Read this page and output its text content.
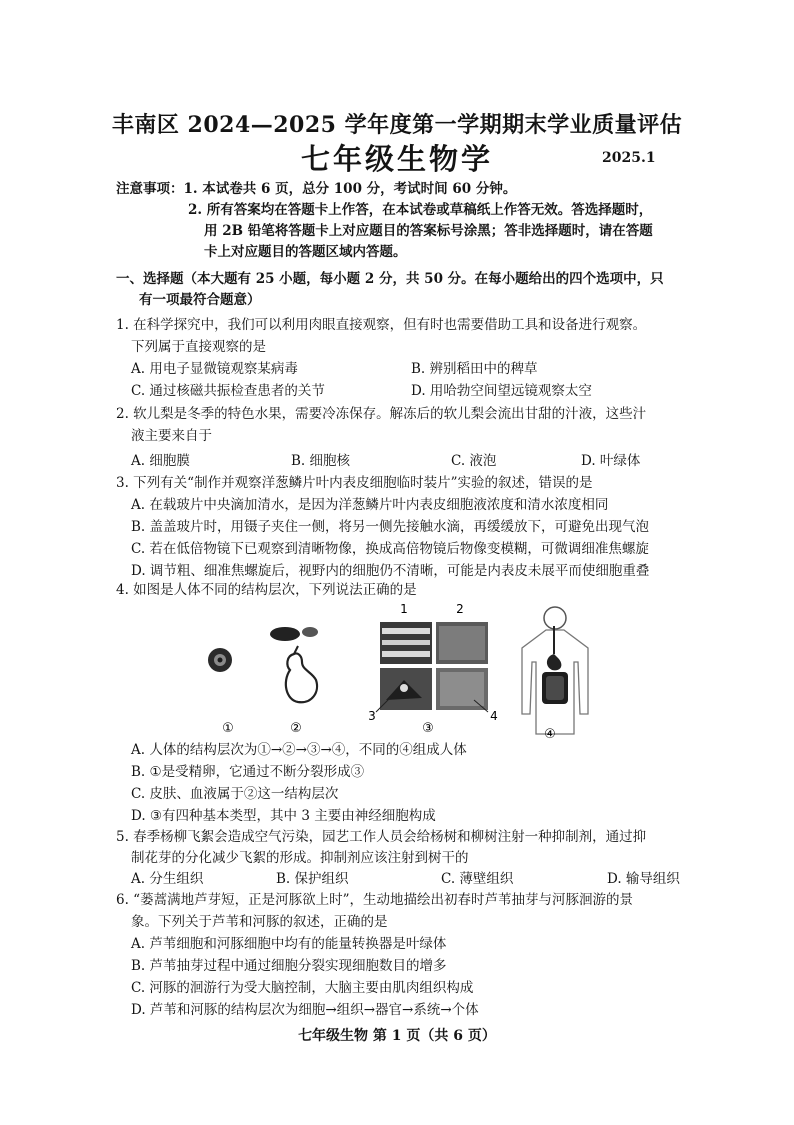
丰南区 2024—2025 学年度第一学期期末学业质量评估
七年级生物学	2025.1
注意事项：1. 本试卷共 6 页，总分 100 分，考试时间 60 分钟。
2. 所有答案均在答题卡上作答，在本试卷或草稿纸上作答无效。答选择题时，
用 2B 铅笔将答题卡上对应题目的答案标号涂黑；答非选择题时，请在答题
卡上对应题目的答题区域内答题。
一、选择题（本大题有 25 小题，每小题 2 分，共 50 分。在每小题给出的四个选项中，只
有一项最符合题意）
1. 在科学探究中，我们可以利用肉眼直接观察，但有时也需要借助工具和设备进行观察。
下列属于直接观察的是
A. 用电子显微镜观察某病毒	B. 辨别稻田中的稗草
C. 通过核磁共振检查患者的关节	D. 用哈勃空间望远镜观察太空
2. 软儿梨是冬季的特色水果，需要冷冻保存。解冻后的软儿梨会流出甘甜的汁液，这些汁
液主要来自于
A. 细胞膜	B. 细胞核	C. 液泡	D. 叶绿体
3. 下列有关“制作并观察洋葱鳞片叶内表皮细胞临时装片”实验的叙述，错误的是
A. 在载玻片中央滴加清水，是因为洋葱鳞片叶内表皮细胞液浓度和清水浓度相同
B. 盖盖玻片时，用镊子夹住一侧，将另一侧先接触水滴，再缓缓放下，可避免出现气泡
C. 若在低倍物镜下已观察到清晰物像，换成高倍物镜后物像变模糊，可微调细准焦螺旋
D. 调节粗、细准焦螺旋后，视野内的细胞仍不清晰，可能是内表皮未展平而使细胞重叠
4. 如图是人体不同的结构层次，下列说法正确的是
1	2
3	4
①	②	③	④
A. 人体的结构层次为①→②→③→④，不同的④组成人体
B. ①是受精卵，它通过不断分裂形成③
C. 皮肤、血液属于②这一结构层次
D. ③有四种基本类型，其中 3 主要由神经细胞构成
5. 春季杨柳飞絮会造成空气污染，园艺工作人员会给杨树和柳树注射一种抑制剂，通过抑
制花芽的分化减少飞絮的形成。抑制剂应该注射到树干的
A. 分生组织	B. 保护组织	C. 薄壁组织	D. 输导组织
6. “蒌蒿满地芦芽短，正是河豚欲上时”，生动地描绘出初春时芦苇抽芽与河豚洄游的景
象。下列关于芦苇和河豚的叙述，正确的是
A. 芦苇细胞和河豚细胞中均有的能量转换器是叶绿体
B. 芦苇抽芽过程中通过细胞分裂实现细胞数目的增多
C. 河豚的洄游行为受大脑控制，大脑主要由肌肉组织构成
D. 芦苇和河豚的结构层次为细胞→组织→器官→系统→个体
七年级生物 第 1 页（共 6 页）
